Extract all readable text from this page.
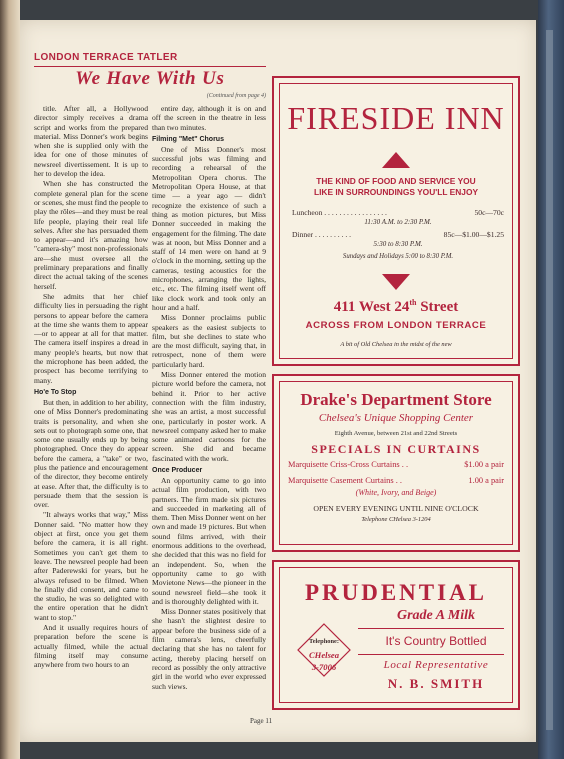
LONDON TERRACE TATLER
We Have With Us
(Continued from page 4)

title. After all, a Hollywood director simply receives a drama script and works from the prepared material. Miss Donner's work begins when she is supplied only with the idea for one of those minutes of newsreel divertissement. It is up to her to develop the idea.

When she has constructed the complete general plan for the scene or scenes, she must find the people to play the rôles—and they must be real life people, playing their real life selves. After she has persuaded them to appear—and it's amazing how "camera-shy" most non-professionals are—she must oversee all the preliminary preparations and finally direct the actual taking of the scenes herself.

She admits that her chief difficulty lies in persuading the right persons to appear before the camera at the time she wants them to appear—or to appear at all for that matter. The camera itself inspires a dread in many people's hearts, but now that the microphone has been added, the prospect has become terrifying to many.

Ho'e To Stop

But then, in addition to her ability, one of Miss Donner's predominating traits is personality, and when she sets out to photograph some one, that some one usually ends up by being photographed. Once they do appear before the camera, a "take" or two, plus the patience and encouragement of the director, they become entirely at ease. After that, the difficulty is to persuade them that the session is over.

"It always works that way," Miss Donner said. "No matter how they object at first, once you get them before the camera, it is all right. Sometimes you can't get them to leave. The newsreel people had been after Paderewski for years, but he always refused to be filmed. When he finally did consent, and came to the studio, he was so delighted with the entire operation that he didn't want to stop."

And it usually requires hours of preparation before the scene is actually filmed, while the actual filming itself may consume anywhere from two hours to an

entire day, although it is on and off the screen in the theatre in less than two minutes.

Filming "Met" Chorus

One of Miss Donner's most successful jobs was filming and recording a rehearsal of the Metropolitan Opera chorus. The Metropolitan Opera House, at that time — a year ago — didn't recognize the existence of such a thing as motion pictures, but Miss Donner succeeded in making the engagement for the filming. The date was at noon, but Miss Donner and a staff of 14 men were on hand at 9 o'clock in the morning, setting up the cameras, testing acoustics for the microphones, arranging the lights, etc., etc. The filming itself went off like clock work and took only an hour and a half.

Miss Donner proclaims public speakers as the easiest subjects to film, but she declines to state who are the most difficult, saying that, in retrospect, none of them were particularly hard.

Miss Donner entered the motion picture world before the camera, not behind it. Prior to her active connection with the film industry, she was an artist, a most successful one, particularly in poster work. A newsreel company asked her to make some animated cartoons for the screen. She did and became fascinated with the work.

Once Producer

An opportunity came to go into actual film production, with two partners. The firm made six pictures and succeeded in marketing all of them. Then Miss Donner went on her own and made 19 pictures. But when sound films arrived, with their enormous additions to the overhead, she decided that this was no field for an independent. So, when the opportunity came to go with Movietone News—the pioneer in the sound newsreel field—she took it and is thoroughly delighted with it.

Miss Donner states positively that she hasn't the slightest desire to appear before the business side of a film camera's lens, cheerfully declaring that she has no talent for acting, thereby placing herself on record as possibly the only attractive girl in the world who ever expressed such views.

Page 11
FIRESIDE INN
THE KIND OF FOOD AND SERVICE YOU
LIKE IN SURROUNDINGS YOU'LL ENJOY
Luncheon . . . . . . . . . . . . . . . . .	50c—70c
11:30 A.M. to 2:30 P.M.
Dinner . . . . . . . . . .	85c—$1.00—$1.25
5:30 to 8:30 P.M.
Sundays and Holidays 5:00 to 8:30 P.M.
411 West 24th Street
ACROSS FROM LONDON TERRACE
A bit of Old Chelsea in the midst of the new
Drake's Department Store
Chelsea's Unique Shopping Center
Eighth Avenue, between 21st and 22nd Streets
SPECIALS IN CURTAINS
Marquisette Criss-Cross Curtains . .	$1.00 a pair
Marquisette Casement Curtains . .	1.00 a pair
(White, Ivory, and Beige)
OPEN EVERY EVENING UNTIL NINE O'CLOCK
Telephone CHelsea 3-1204
PRUDENTIAL
Grade A Milk
It's Country Bottled
Local Representative
N. B. SMITH
Telephone:
CHelsea
3-7006
